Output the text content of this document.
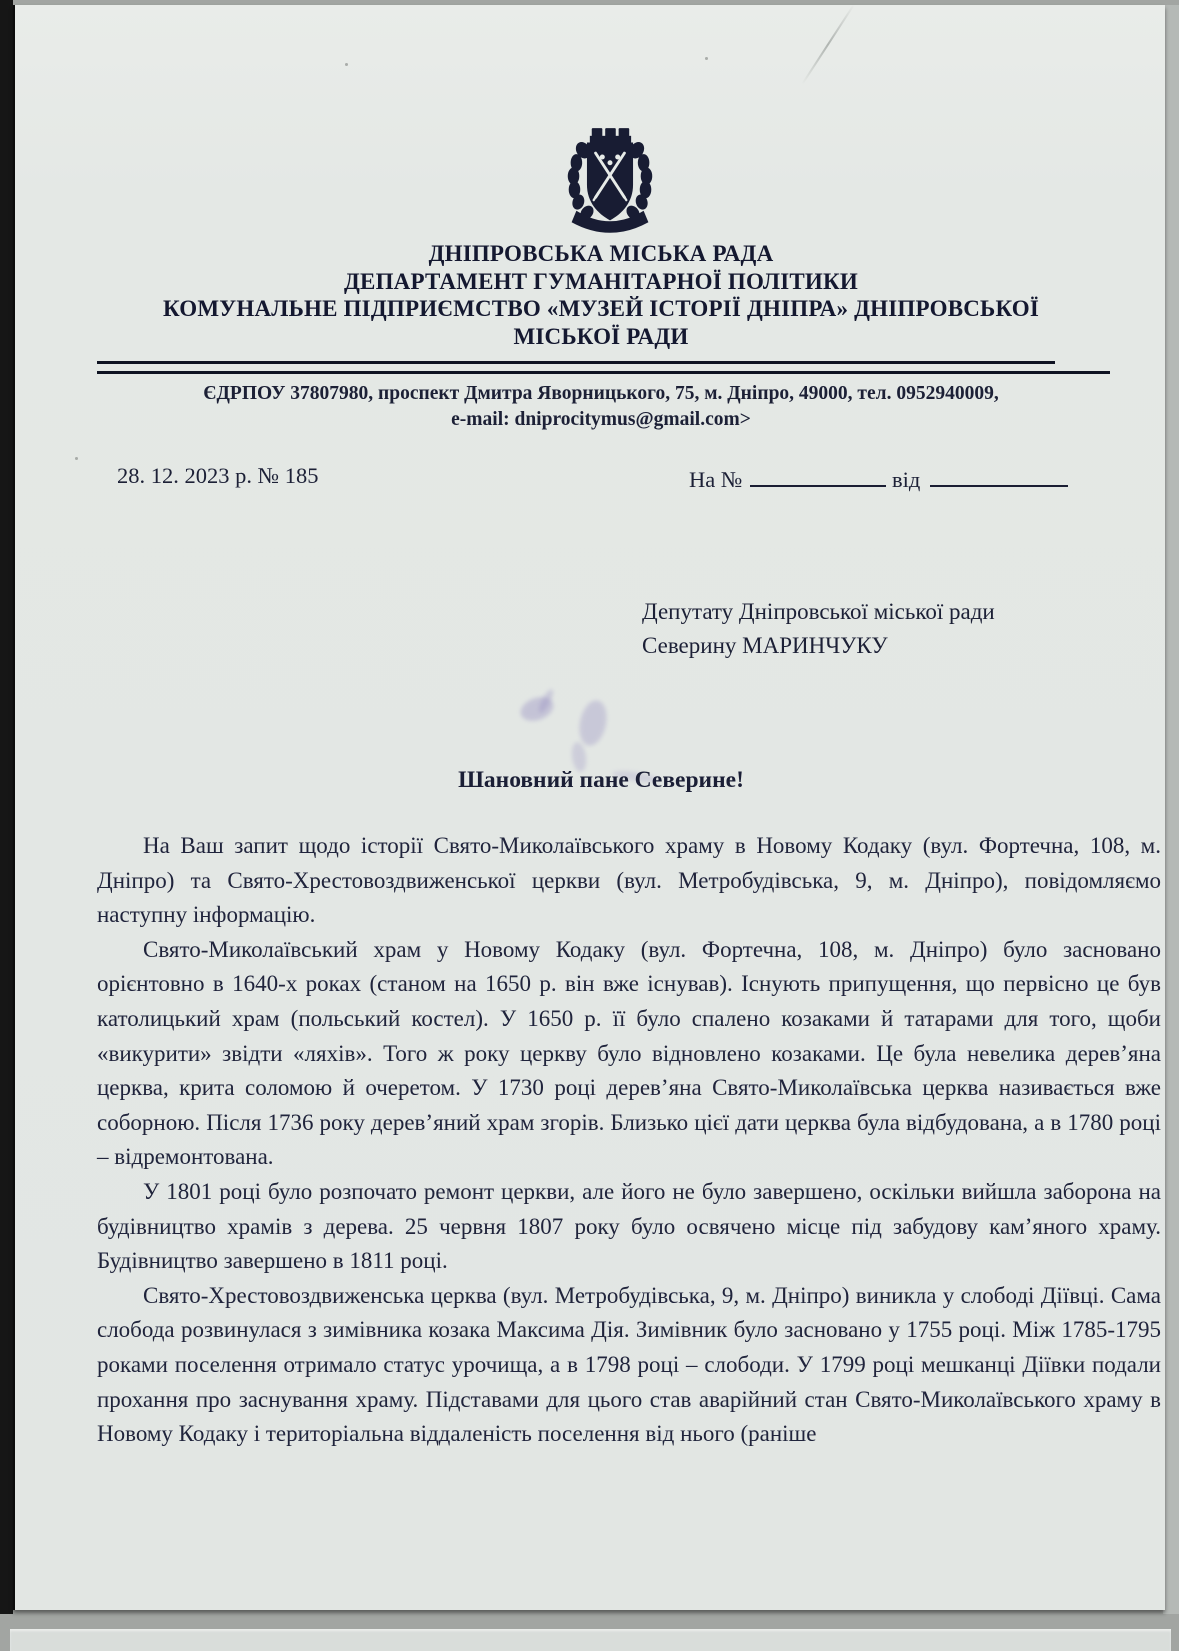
ДНІПРОВСЬКА МІСЬКА РАДА
ДЕПАРТАМЕНТ ГУМАНІТАРНОЇ ПОЛІТИКИ
КОМУНАЛЬНЕ ПІДПРИЄМСТВО «МУЗЕЙ ІСТОРІЇ ДНІПРА» ДНІПРОВСЬКОЇ
МІСЬКОЇ РАДИ
ЄДРПОУ 37807980, проспект Дмитра Яворницького, 75, м. Дніпро, 49000, тел. 0952940009,
e-mail: dniprocitymus@gmail.com>
28. 12. 2023 р. № 185	На №	від
Депутату Дніпровської міської ради
Северину МАРИНЧУКУ
Шановний пане Северине!

На Ваш запит щодо історії Свято-Миколаївського храму в Новому Кодаку (вул. Фортечна, 108, м. Дніпро) та Свято-Хрестовоздвиженської церкви (вул. Метробудівська, 9, м. Дніпро), повідомляємо наступну інформацію.

Свято-Миколаївський храм у Новому Кодаку (вул. Фортечна, 108, м. Дніпро) було засновано орієнтовно в 1640-х роках (станом на 1650 р. він вже існував). Існують припущення, що первісно це був католицький храм (польський костел). У 1650 р. її було спалено козаками й татарами для того, щоби «викурити» звідти «ляхів». Того ж року церкву було відновлено козаками. Це була невелика дерев’яна церква, крита соломою й очеретом. У 1730 році дерев’яна Свято-Миколаївська церква називається вже соборною. Після 1736 року дерев’яний храм згорів. Близько цієї дати церква була відбудована, а в 1780 році – відремонтована.

У 1801 році було розпочато ремонт церкви, але його не було завершено, оскільки вийшла заборона на будівництво храмів з дерева. 25 червня 1807 року було освячено місце під забудову кам’яного храму. Будівництво завершено в 1811 році.

Свято-Хрестовоздвиженська церква (вул. Метробудівська, 9, м. Дніпро) виникла у слободі Діївці. Сама слобода розвинулася з зимівника козака Максима Дія. Зимівник було засновано у 1755 році. Між 1785-1795 роками поселення отримало статус урочища, а в 1798 році – слободи. У 1799 році мешканці Діївки подали прохання про заснування храму. Підставами для цього став аварійний стан Свято-Миколаївського храму в Новому Кодаку і територіальна віддаленість поселення від нього (раніше
